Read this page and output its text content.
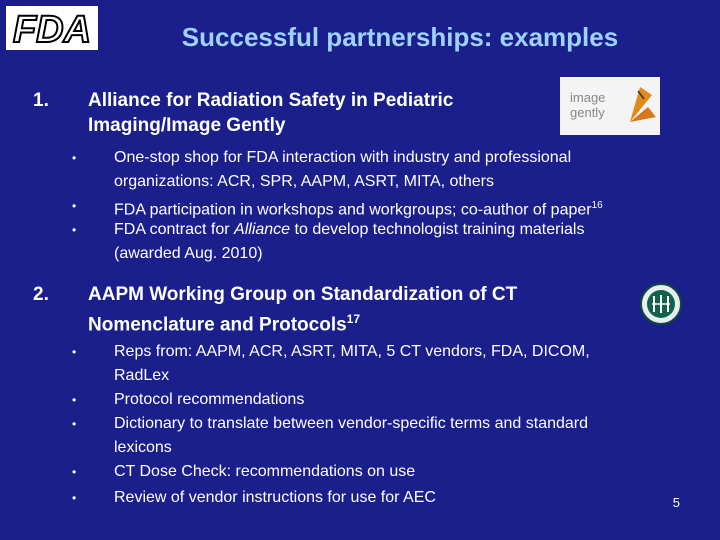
FDA	Successful partnerships: examples
1. Alliance for Radiation Safety in Pediatric
Imaging/Image Gently
image
gently
• One-stop shop for FDA interaction with industry and professional
organizations: ACR, SPR, AAPM, ASRT, MITA, others
• FDA participation in workshops and workgroups; co-author of paper$^{16}$
• FDA contract for Alliance to develop technologist training materials
(awarded Aug. 2010)
2. AAPM Working Group on Standardization of CT
Nomenclature and Protocols$^{17}$
• Reps from: AAPM, ACR, ASRT, MITA, 5 CT vendors, FDA, DICOM,
RadLex
• Protocol recommendations
• Dictionary to translate between vendor-specific terms and standard
lexicons
• CT Dose Check: recommendations on use
• Review of vendor instructions for use for AEC	5
